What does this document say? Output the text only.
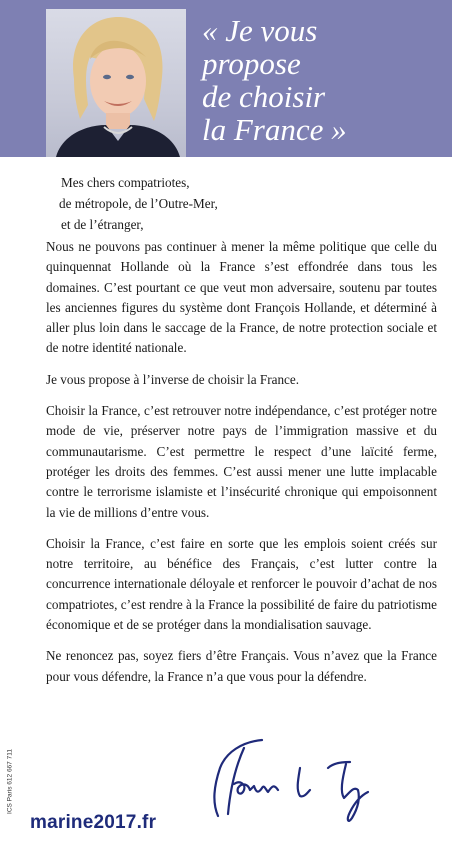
« Je vous
propose
de choisir
la France »
Mes chers compatriotes,
de métropole, de l’Outre-Mer,
et de l’étranger,

Nous ne pouvons pas continuer à mener la même politique que celle du quinquennat Hollande où la France s’est effondrée dans tous les domaines. C’est pourtant ce que veut mon adversaire, soutenu par toutes les anciennes figures du système dont François Hollande, et déterminé à aller plus loin dans le saccage de la France, de notre protection sociale et de notre identité nationale.

Je vous propose à l’inverse de choisir la France.

Choisir la France, c’est retrouver notre indépendance, c’est protéger notre mode de vie, préserver notre pays de l’immigration massive et du communautarisme. C’est permettre le respect d’une laïcité ferme, protéger les droits des femmes. C’est aussi mener une lutte implacable contre le terrorisme islamiste et l’insécurité chronique qui empoisonnent la vie de millions d’entre vous.

Choisir la France, c’est faire en sorte que les emplois soient créés sur notre territoire, au bénéfice des Français, c’est lutter contre la concurrence internationale déloyale et renforcer le pouvoir d’achat de nos compatriotes, c’est rendre à la France la possibilité de faire du patriotisme économique et de se protéger dans la mondialisation sauvage.

Ne renoncez pas, soyez fiers d’être Français. Vous n’avez que la France pour vous défendre, la France n’a que vous pour la défendre.

ICS Paris 612 667 711
marine2017.fr
